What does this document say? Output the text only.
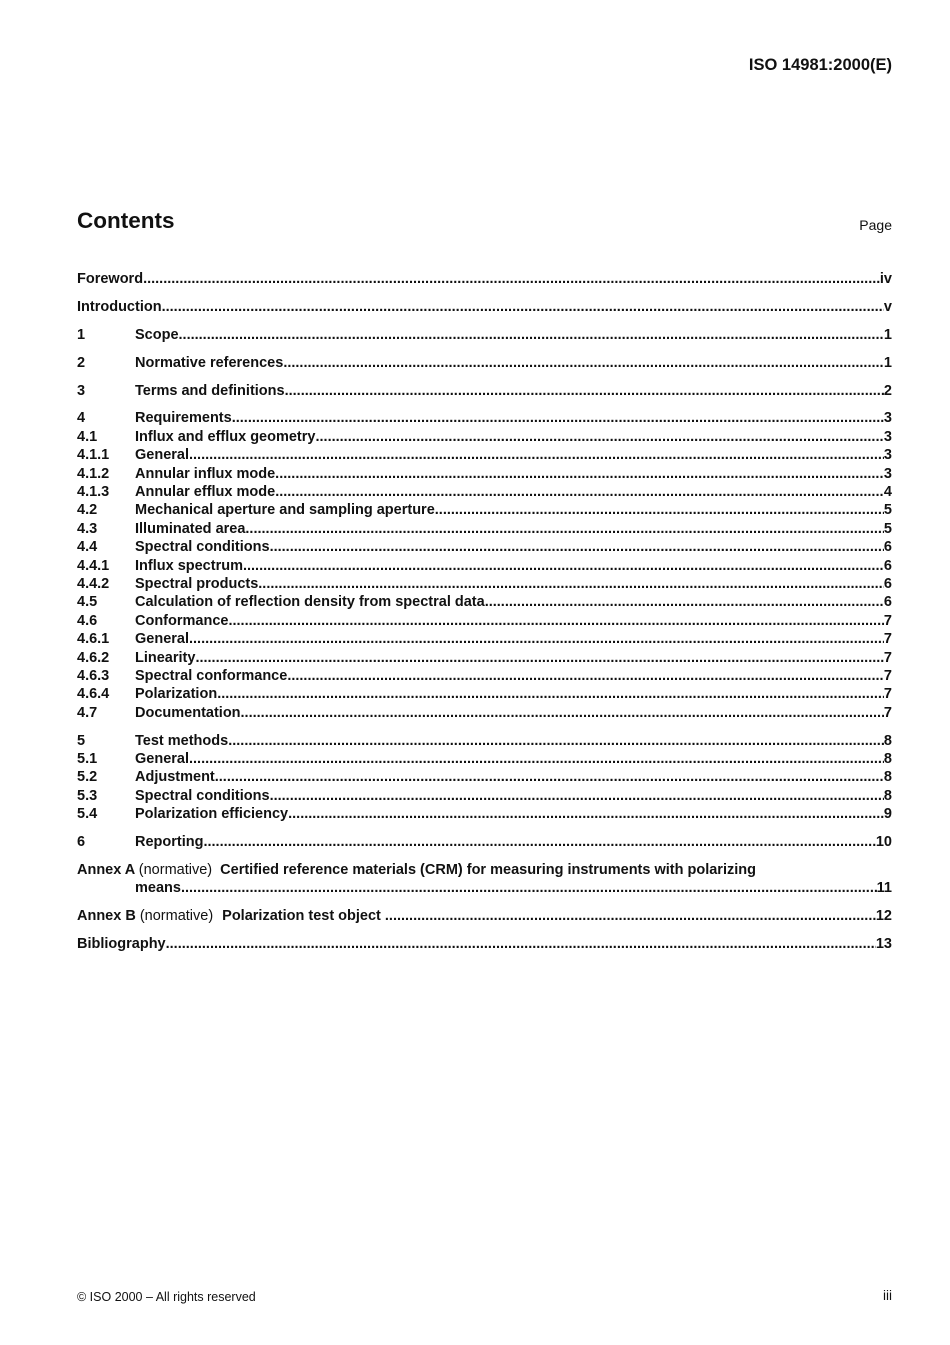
ISO 14981:2000(E)
Contents	Page
Foreword .....	iv
Introduction .....	v
1	Scope .....	1
2	Normative references .....	1
3	Terms and definitions .....	2
4	Requirements .....	3
4.1	Influx and efflux geometry .....	3
4.1.1	General .....	3
4.1.2	Annular influx mode .....	3
4.1.3	Annular efflux mode .....	4
4.2	Mechanical aperture and sampling aperture .....	5
4.3	Illuminated area .....	5
4.4	Spectral conditions .....	6
4.4.1	Influx spectrum .....	6
4.4.2	Spectral products .....	6
4.5	Calculation of reflection density from spectral data .....	6
4.6	Conformance .....	7
4.6.1	General .....	7
4.6.2	Linearity .....	7
4.6.3	Spectral conformance .....	7
4.6.4	Polarization .....	7
4.7	Documentation .....	7
5	Test methods .....	8
5.1	General .....	8
5.2	Adjustment .....	8
5.3	Spectral conditions .....	8
5.4	Polarization efficiency .....	9
6	Reporting .....	10
Annex A (normative) Certified reference materials (CRM) for measuring instruments with polarizing
means .....	11
Annex B (normative) Polarization test object .....	12
Bibliography .....	13
© ISO 2000 – All rights reserved	iii
